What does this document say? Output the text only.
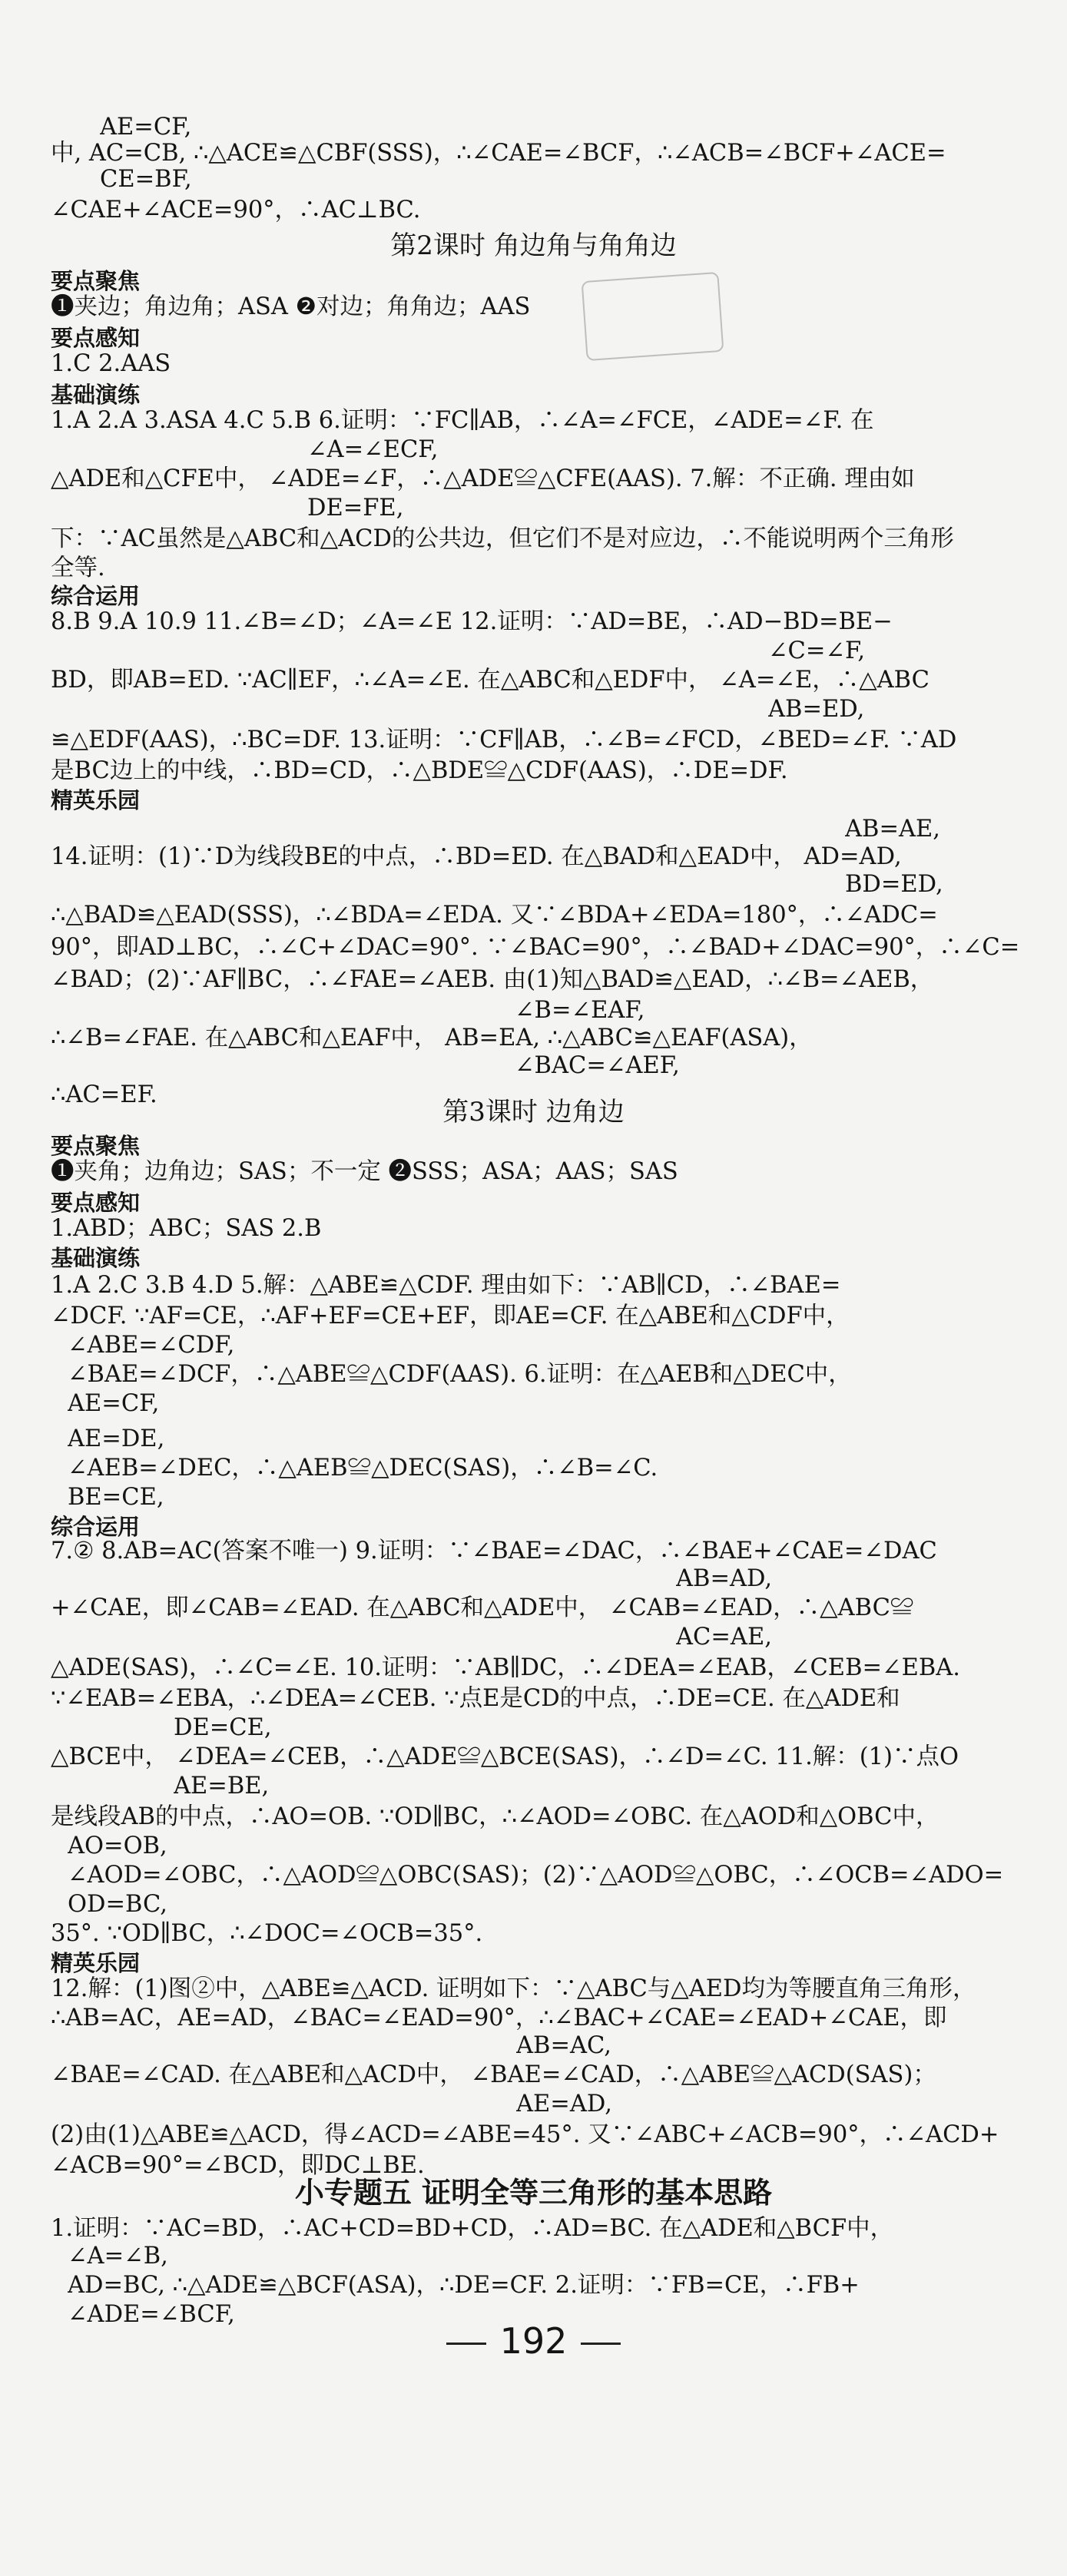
AE=CF,
中, AC=CB, ∴△ACE≌△CBF(SSS)，∴∠CAE=∠BCF，∴∠ACB=∠BCF+∠ACE=
CE=BF,
∠CAE+∠ACE=90°，∴AC⊥BC.
第2课时 角边角与角角边
要点聚焦
❶夹边；角边角；ASA ❷对边；角角边；AAS
要点感知
1.C 2.AAS
基础演练
1.A 2.A 3.ASA 4.C 5.B 6.证明：∵FC∥AB，∴∠A=∠FCE，∠ADE=∠F. 在
∠A=∠ECF,
△ADE和△CFE中， ∠ADE=∠F，∴△ADE≌△CFE(AAS). 7.解：不正确. 理由如
DE=FE,
下：∵AC虽然是△ABC和△ACD的公共边，但它们不是对应边，∴不能说明两个三角形
全等.
综合运用
8.B 9.A 10.9 11.∠B=∠D；∠A=∠E 12.证明：∵AD=BE，∴AD−BD=BE−
∠C=∠F,
BD，即AB=ED. ∵AC∥EF，∴∠A=∠E. 在△ABC和△EDF中， ∠A=∠E，∴△ABC
AB=ED,
≌△EDF(AAS)，∴BC=DF. 13.证明：∵CF∥AB，∴∠B=∠FCD，∠BED=∠F. ∵AD
是BC边上的中线，∴BD=CD，∴△BDE≌△CDF(AAS)，∴DE=DF.
精英乐园
AB=AE,
14.证明：(1)∵D为线段BE的中点，∴BD=ED. 在△BAD和△EAD中， AD=AD,
BD=ED,
∴△BAD≌△EAD(SSS)，∴∠BDA=∠EDA. 又∵∠BDA+∠EDA=180°，∴∠ADC=
90°，即AD⊥BC，∴∠C+∠DAC=90°. ∵∠BAC=90°，∴∠BAD+∠DAC=90°，∴∠C=
∠BAD；(2)∵AF∥BC，∴∠FAE=∠AEB. 由(1)知△BAD≌△EAD，∴∠B=∠AEB，
∠B=∠EAF,
∴∠B=∠FAE. 在△ABC和△EAF中， AB=EA, ∴△ABC≌△EAF(ASA)，
∠BAC=∠AEF,
∴AC=EF.
第3课时 边角边
要点聚焦
❶夹角；边角边；SAS；不一定 ❷SSS；ASA；AAS；SAS
要点感知
1.ABD；ABC；SAS 2.B
基础演练
1.A 2.C 3.B 4.D 5.解：△ABE≌△CDF. 理由如下：∵AB∥CD，∴∠BAE=
∠DCF. ∵AF=CE，∴AF+EF=CE+EF，即AE=CF. 在△ABE和△CDF中，
∠ABE=∠CDF,
∠BAE=∠DCF，∴△ABE≌△CDF(AAS). 6.证明：在△AEB和△DEC中，
AE=CF,
AE=DE,
∠AEB=∠DEC，∴△AEB≌△DEC(SAS)，∴∠B=∠C.
BE=CE,
综合运用
7.② 8.AB=AC(答案不唯一) 9.证明：∵∠BAE=∠DAC，∴∠BAE+∠CAE=∠DAC
AB=AD,
+∠CAE，即∠CAB=∠EAD. 在△ABC和△ADE中， ∠CAB=∠EAD，∴△ABC≌
AC=AE,
△ADE(SAS)，∴∠C=∠E. 10.证明：∵AB∥DC，∴∠DEA=∠EAB，∠CEB=∠EBA.
∵∠EAB=∠EBA，∴∠DEA=∠CEB. ∵点E是CD的中点，∴DE=CE. 在△ADE和
DE=CE,
△BCE中， ∠DEA=∠CEB，∴△ADE≌△BCE(SAS)，∴∠D=∠C. 11.解：(1)∵点O
AE=BE,
是线段AB的中点，∴AO=OB. ∵OD∥BC，∴∠AOD=∠OBC. 在△AOD和△OBC中，
AO=OB,
∠AOD=∠OBC，∴△AOD≌△OBC(SAS)；(2)∵△AOD≌△OBC，∴∠OCB=∠ADO=
OD=BC,
35°. ∵OD∥BC，∴∠DOC=∠OCB=35°.
精英乐园
12.解：(1)图②中，△ABE≌△ACD. 证明如下：∵△ABC与△AED均为等腰直角三角形，
∴AB=AC，AE=AD，∠BAC=∠EAD=90°，∴∠BAC+∠CAE=∠EAD+∠CAE，即
AB=AC,
∠BAE=∠CAD. 在△ABE和△ACD中， ∠BAE=∠CAD，∴△ABE≌△ACD(SAS)；
AE=AD,
(2)由(1)△ABE≌△ACD，得∠ACD=∠ABE=45°. 又∵∠ABC+∠ACB=90°，∴∠ACD+
∠ACB=90°=∠BCD，即DC⊥BE.
小专题五 证明全等三角形的基本思路
1.证明：∵AC=BD，∴AC+CD=BD+CD，∴AD=BC. 在△ADE和△BCF中，
∠A=∠B,
AD=BC, ∴△ADE≌△BCF(ASA)，∴DE=CF. 2.证明：∵FB=CE，∴FB+
∠ADE=∠BCF,
192
